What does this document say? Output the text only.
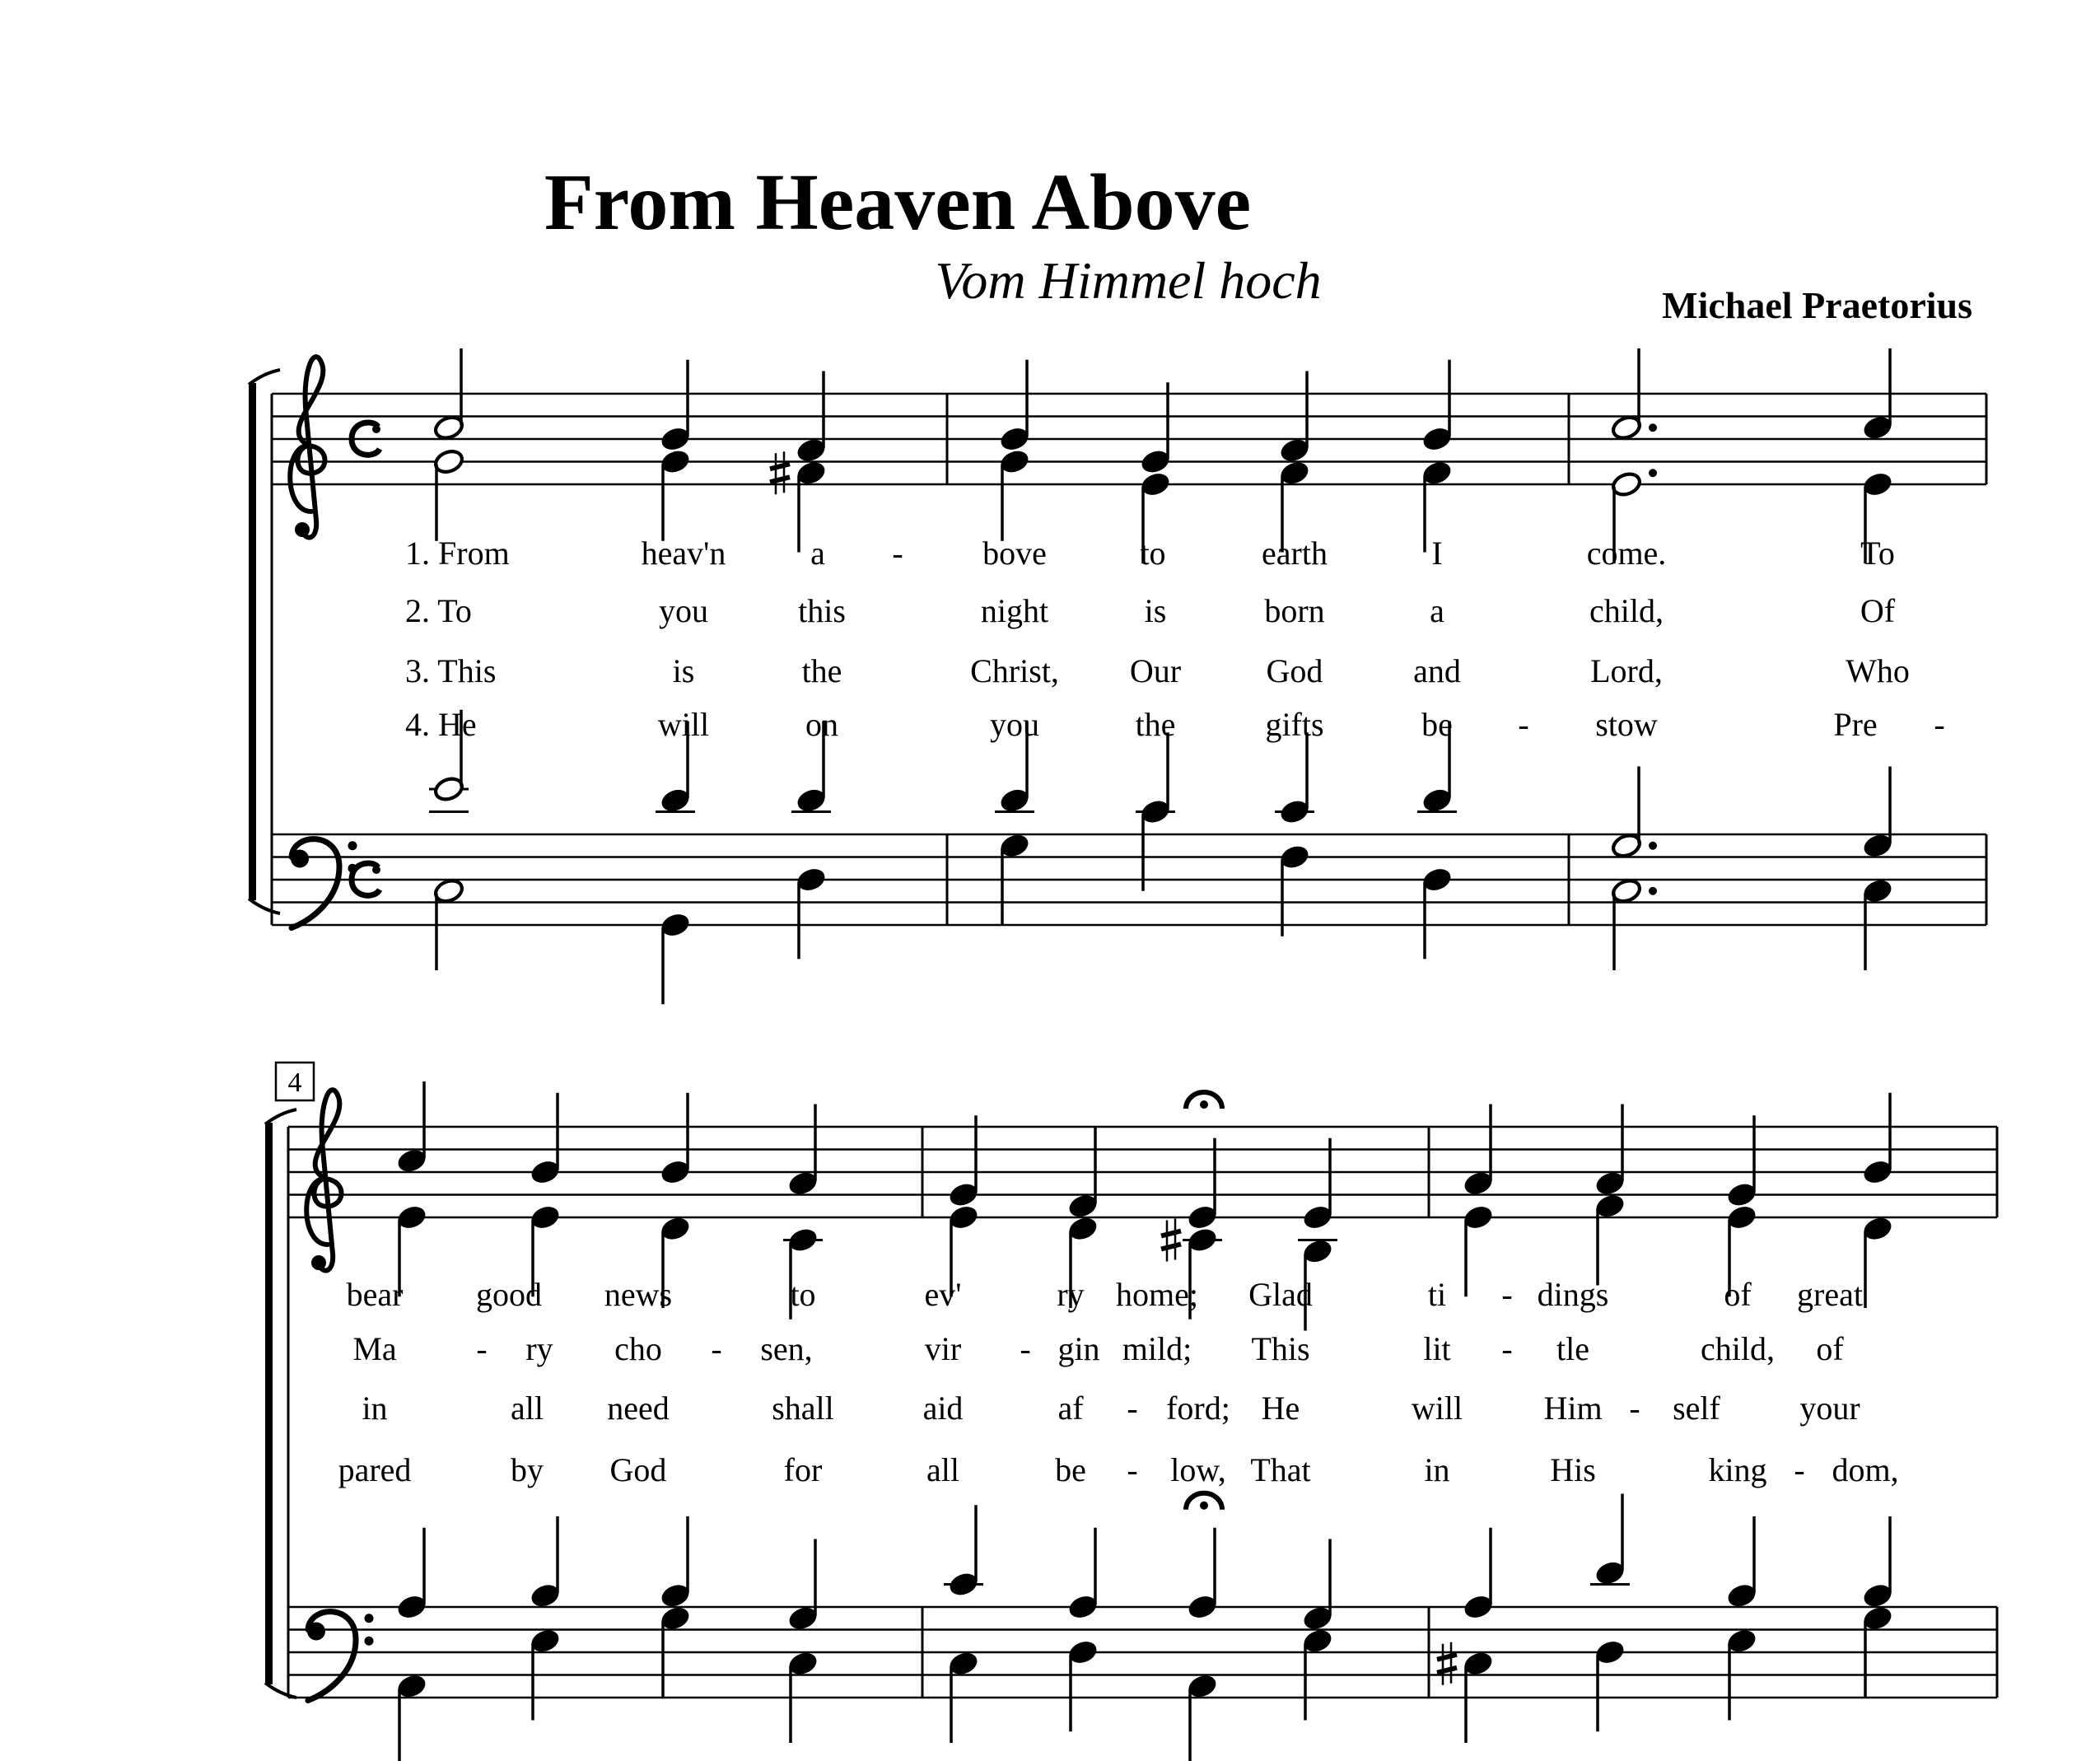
From Heaven Above
Vom Himmel hoch	Michael Praetorius
4
1. From	heav'n	a - bove	to	earth	I	come.	To
2. To	you	this	night	is	born	a	child,	Of
3. This	is	the	Christ, Our	God	and	Lord,	Who
4. He	will	on	you	the	gifts	be - stow	Pre -
bear good news	to	ev'	ry home; Glad	ti - dings	of great
Ma - ry cho - sen,	vir - gin mild; This	lit - tle	child, of
in	all need	shall	aid	af - ford; He	will Him - self your
pared	by God	for	all	be - low, That	in	His	king - dom,
